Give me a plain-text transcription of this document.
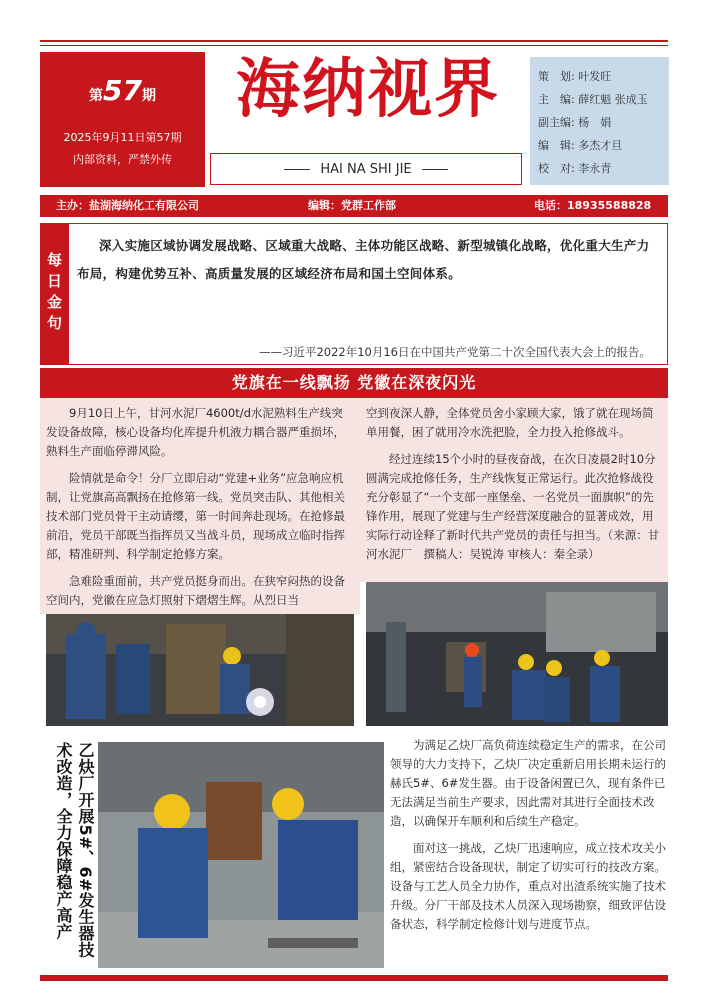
第57期
2025年9月11日第57期
内部资料，严禁外传
海纳视界
HAI NA SHI JIE
策　划: 叶发旺
主　编: 薛红魁 张成玉
副主编: 杨　娟
编　辑: 多杰才旦
校　对: 李永青
主办：盐湖海纳化工有限公司	编辑：党群工作部	电话：18935588828
每日金句
深入实施区域协调发展战略、区域重大战略、主体功能区战略、新型城镇化战略，优化重大生产力布局，构建优势互补、高质量发展的区域经济布局和国土空间体系。
——习近平2022年10月16日在中国共产党第二十次全国代表大会上的报告。
党旗在一线飘扬 党徽在深夜闪光

9月10日上午，甘河水泥厂4600t/d水泥熟料生产线突发设备故障，核心设备均化库提升机液力耦合器严重损坏，熟料生产面临停滞风险。

险情就是命令！分厂立即启动“党建+业务”应急响应机制，让党旗高高飘扬在抢修第一线。党员突击队、其他相关技术部门党员骨干主动请缨，第一时间奔赴现场。在抢修最前沿，党员干部既当指挥员又当战斗员，现场成立临时指挥部，精准研判、科学制定抢修方案。

急难险重面前，共产党员挺身而出。在狭窄闷热的设备空间内，党徽在应急灯照射下熠熠生辉。从烈日当

空到夜深人静，全体党员舍小家顾大家，饿了就在现场简单用餐，困了就用冷水洗把脸，全力投入抢修战斗。

经过连续15个小时的昼夜奋战，在次日凌晨2时10分圆满完成抢修任务，生产线恢复正常运行。此次抢修战役充分彰显了“一个支部一座堡垒、一名党员一面旗帜”的先锋作用，展现了党建与生产经营深度融合的显著成效，用实际行动诠释了新时代共产党员的责任与担当。（来源：甘河水泥厂　撰稿人：吴锐涛 审核人：秦全录）

乙炔厂开展5#、6#发生器技术改造，全力保障稳产高产	为满足乙炔厂高负荷连续稳定生产的需求，在公司领导的大力支持下，乙炔厂决定重新启用长期未运行的赫氏5#、6#发生器。由于设备闲置已久，现有条件已无法满足当前生产要求，因此需对其进行全面技术改造，以确保开车顺利和后续生产稳定。

面对这一挑战，乙炔厂迅速响应，成立技术攻关小组，紧密结合设备现状，制定了切实可行的技改方案。设备与工艺人员全力协作，重点对出渣系统实施了技术升级。分厂干部及技术人员深入现场勘察，细致评估设备状态，科学制定检修计划与进度节点。
